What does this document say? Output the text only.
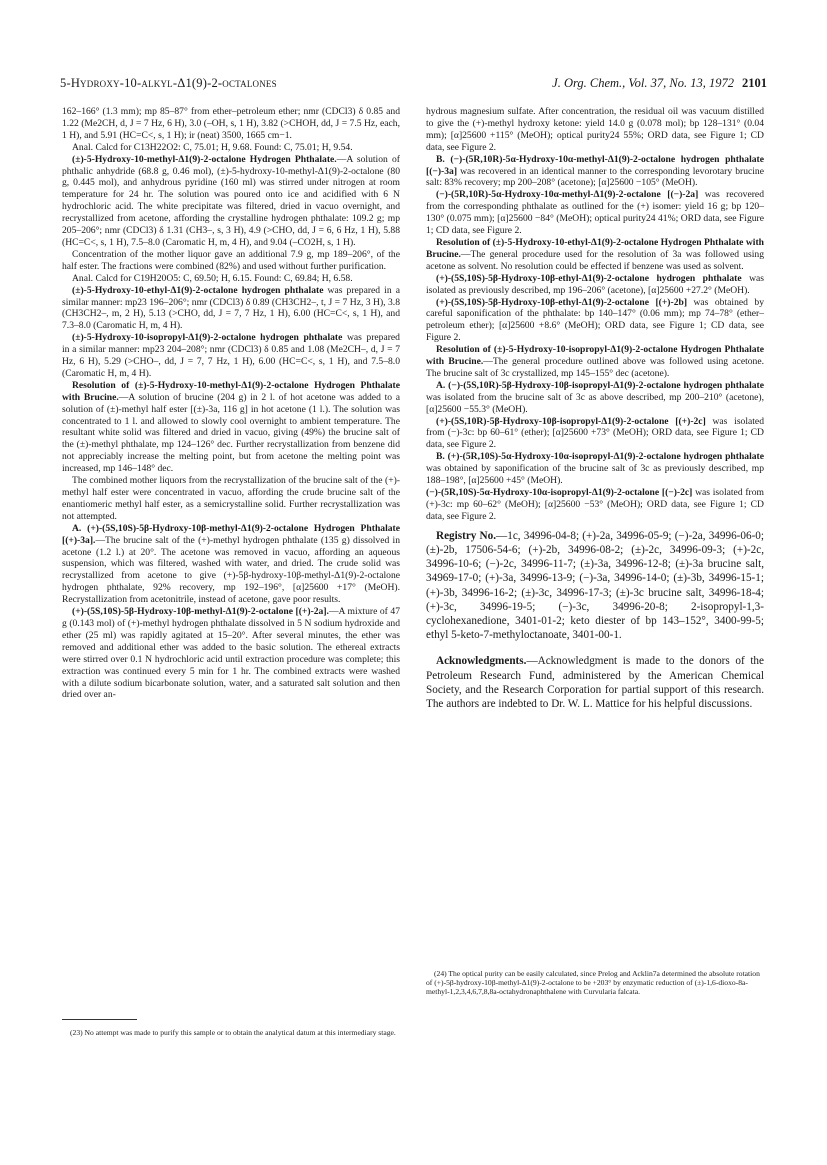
5-Hydroxy-10-alkyl-Δ1(9)-2-octalones	J. Org. Chem., Vol. 37, No. 13, 1972 2101

162–166° (1.3 mm); mp 85–87° from ether–petroleum ether; nmr (CDCl3) δ 0.85 and 1.22 (Me2CH, d, J = 7 Hz, 6 H), 3.0 (–OH, s, 1 H), 3.82 (>CHOH, dd, J = 7.5 Hz, each, 1 H), and 5.91 (HC=C<, s, 1 H); ir (neat) 3500, 1665 cm−1.

Anal. Calcd for C13H22O2: C, 75.01; H, 9.68. Found: C, 75.01; H, 9.54.

(±)-5-Hydroxy-10-methyl-Δ1(9)-2-octalone Hydrogen Phthalate.—A solution of phthalic anhydride (68.8 g, 0.46 mol), (±)-5-hydroxy-10-methyl-Δ1(9)-2-octalone (80 g, 0.445 mol), and anhydrous pyridine (160 ml) was stirred under nitrogen at room temperature for 24 hr. The solution was poured onto ice and acidified with 6 N hydrochloric acid. The white precipitate was filtered, dried in vacuo overnight, and recrystallized from acetone, affording the crystalline hydrogen phthalate: 109.2 g; mp 205–206°; nmr (CDCl3) δ 1.31 (CH3–, s, 3 H), 4.9 (>CHO, dd, J = 6, 6 Hz, 1 H), 5.88 (HC=C<, s, 1 H), 7.5–8.0 (Caromatic H, m, 4 H), and 9.04 (–CO2H, s, 1 H).

Concentration of the mother liquor gave an additional 7.9 g, mp 189–206°, of the half ester. The fractions were combined (82%) and used without further purification.

Anal. Calcd for C19H20O5: C, 69.50; H, 6.15. Found: C, 69.84; H, 6.58.

(±)-5-Hydroxy-10-ethyl-Δ1(9)-2-octalone hydrogen phthalate was prepared in a similar manner: mp23 196–206°; nmr (CDCl3) δ 0.89 (CH3CH2–, t, J = 7 Hz, 3 H), 3.8 (CH3CH2–, m, 2 H), 5.13 (>CHO, dd, J = 7, 7 Hz, 1 H), 6.00 (HC=C<, s, 1 H), and 7.3–8.0 (Caromatic H, m, 4 H).

(±)-5-Hydroxy-10-isopropyl-Δ1(9)-2-octalone hydrogen phthalate was prepared in a similar manner: mp23 204–208°; nmr (CDCl3) δ 0.85 and 1.08 (Me2CH–, d, J = 7 Hz, 6 H), 5.29 (>CHO–, dd, J = 7, 7 Hz, 1 H), 6.00 (HC=C<, s, 1 H), and 7.5–8.0 (Caromatic H, m, 4 H).

Resolution of (±)-5-Hydroxy-10-methyl-Δ1(9)-2-octalone Hydrogen Phthalate with Brucine.—A solution of brucine (204 g) in 2 l. of hot acetone was added to a solution of (±)-methyl half ester [(±)-3a, 116 g] in hot acetone (1 l.). The solution was concentrated to 1 l. and allowed to slowly cool overnight to ambient temperature. The resultant white solid was filtered and dried in vacuo, giving (49%) the brucine salt of the (±)-methyl phthalate, mp 124–126° dec. Further recrystallization from benzene did not appreciably increase the melting point, but from acetone the melting point was increased, mp 146–148° dec.

The combined mother liquors from the recrystallization of the brucine salt of the (+)-methyl half ester were concentrated in vacuo, affording the crude brucine salt of the enantiomeric methyl half ester, as a semicrystalline solid. Further recrystallization was not attempted.

A. (+)-(5S,10S)-5β-Hydroxy-10β-methyl-Δ1(9)-2-octalone Hydrogen Phthalate [(+)-3a].—The brucine salt of the (+)-methyl hydrogen phthalate (135 g) dissolved in acetone (1.2 l.) at 20°. The acetone was removed in vacuo, affording an aqueous suspension, which was filtered, washed with water, and dried. The crude solid was recrystallized from acetone to give (+)-5β-hydroxy-10β-methyl-Δ1(9)-2-octalone hydrogen phthalate, 92% recovery, mp 192–196°, [α]25600 +17° (MeOH). Recrystallization from acetonitrile, instead of acetone, gave poor results.

(+)-(5S,10S)-5β-Hydroxy-10β-methyl-Δ1(9)-2-octalone [(+)-2a].—A mixture of 47 g (0.143 mol) of (+)-methyl hydrogen phthalate dissolved in 5 N sodium hydroxide and ether (25 ml) was rapidly agitated at 15–20°. After several minutes, the ether was removed and additional ether was added to the basic solution. The ethereal extracts were stirred over 0.1 N hydrochloric acid until extraction procedure was complete; this extraction was continued every 5 min for 1 hr. The combined extracts were washed with a dilute sodium bicarbonate solution, water, and a saturated salt solution and then dried over an-

hydrous magnesium sulfate. After concentration, the residual oil was vacuum distilled to give the (+)-methyl hydroxy ketone: yield 14.0 g (0.078 mol); bp 128–131° (0.04 mm); [α]25600 +115° (MeOH); optical purity24 55%; ORD data, see Figure 1; CD data, see Figure 2.

B. (−)-(5R,10R)-5α-Hydroxy-10α-methyl-Δ1(9)-2-octalone hydrogen phthalate [(−)-3a] was recovered in an identical manner to the corresponding levorotary brucine salt: 83% recovery; mp 200–208° (acetone); [α]25600 −105° (MeOH).

(−)-(5R,10R)-5α-Hydroxy-10α-methyl-Δ1(9)-2-octalone [(−)-2a] was recovered from the corresponding phthalate as outlined for the (+) isomer: yield 16 g; bp 120–130° (0.075 mm); [α]25600 −84° (MeOH); optical purity24 41%; ORD data, see Figure 1; CD data, see Figure 2.

Resolution of (±)-5-Hydroxy-10-ethyl-Δ1(9)-2-octalone Hydrogen Phthalate with Brucine.—The general procedure used for the resolution of 3a was followed using acetone as solvent. No resolution could be effected if benzene was used as solvent.

(+)-(5S,10S)-5β-Hydroxy-10β-ethyl-Δ1(9)-2-octalone hydrogen phthalate was isolated as previously described, mp 196–206° (acetone), [α]25600 +27.2° (MeOH).

(+)-(5S,10S)-5β-Hydroxy-10β-ethyl-Δ1(9)-2-octalone [(+)-2b] was obtained by careful saponification of the phthalate: bp 140–147° (0.06 mm); mp 74–78° (ether–petroleum ether); [α]25600 +8.6° (MeOH); ORD data, see Figure 1; CD data, see Figure 2.

Resolution of (±)-5-Hydroxy-10-isopropyl-Δ1(9)-2-octalone Hydrogen Phthalate with Brucine.—The general procedure outlined above was followed using acetone. The brucine salt of 3c crystallized, mp 145–155° dec (acetone).

A. (−)-(5S,10R)-5β-Hydroxy-10β-isopropyl-Δ1(9)-2-octalone hydrogen phthalate was isolated from the brucine salt of 3c as above described, mp 200–210° (acetone), [α]25600 −55.3° (MeOH).

(+)-(5S,10R)-5β-Hydroxy-10β-isopropyl-Δ1(9)-2-octalone [(+)-2c] was isolated from (−)-3c: bp 60–61° (ether); [α]25600 +73° (MeOH); ORD data, see Figure 1; CD data, see Figure 2.

B. (+)-(5R,10S)-5α-Hydroxy-10α-isopropyl-Δ1(9)-2-octalone hydrogen phthalate was obtained by saponification of the brucine salt of 3c as previously described, mp 188–198°, [α]25600 +45° (MeOH).

(−)-(5R,10S)-5α-Hydroxy-10α-isopropyl-Δ1(9)-2-octalone [(−)-2c] was isolated from (+)-3c: mp 60–62° (MeOH); [α]25600 −53° (MeOH); ORD data, see Figure 1; CD data, see Figure 2.

Registry No.—1c, 34996-04-8; (+)-2a, 34996-05-9; (−)-2a, 34996-06-0; (±)-2b, 17506-54-6; (+)-2b, 34996-08-2; (±)-2c, 34996-09-3; (+)-2c, 34996-10-6; (−)-2c, 34996-11-7; (±)-3a, 34996-12-8; (±)-3a brucine salt, 34969-17-0; (+)-3a, 34996-13-9; (−)-3a, 34996-14-0; (±)-3b, 34996-15-1; (+)-3b, 34996-16-2; (±)-3c, 34996-17-3; (±)-3c brucine salt, 34996-18-4; (+)-3c, 34996-19-5; (−)-3c, 34996-20-8; 2-isopropyl-1,3-cyclohexanedione, 3401-01-2; keto diester of bp 143–152°, 3400-99-5; ethyl 5-keto-7-methyloctanoate, 3401-00-1.

Acknowledgments.—Acknowledgment is made to the donors of the Petroleum Research Fund, administered by the American Chemical Society, and the Research Corporation for partial support of this research. The authors are indebted to Dr. W. L. Mattice for his helpful discussions.

(23) No attempt was made to purify this sample or to obtain the analytical datum at this intermediary stage.

(24) The optical purity can be easily calculated, since Prelog and Acklin7a determined the absolute rotation of (+)-5β-hydroxy-10β-methyl-Δ1(9)-2-octalone to be +203° by enzymatic reduction of (±)-1,6-dioxo-8a-methyl-1,2,3,4,6,7,8,8a-octahydronaphthalene with Curvularia falcata.
